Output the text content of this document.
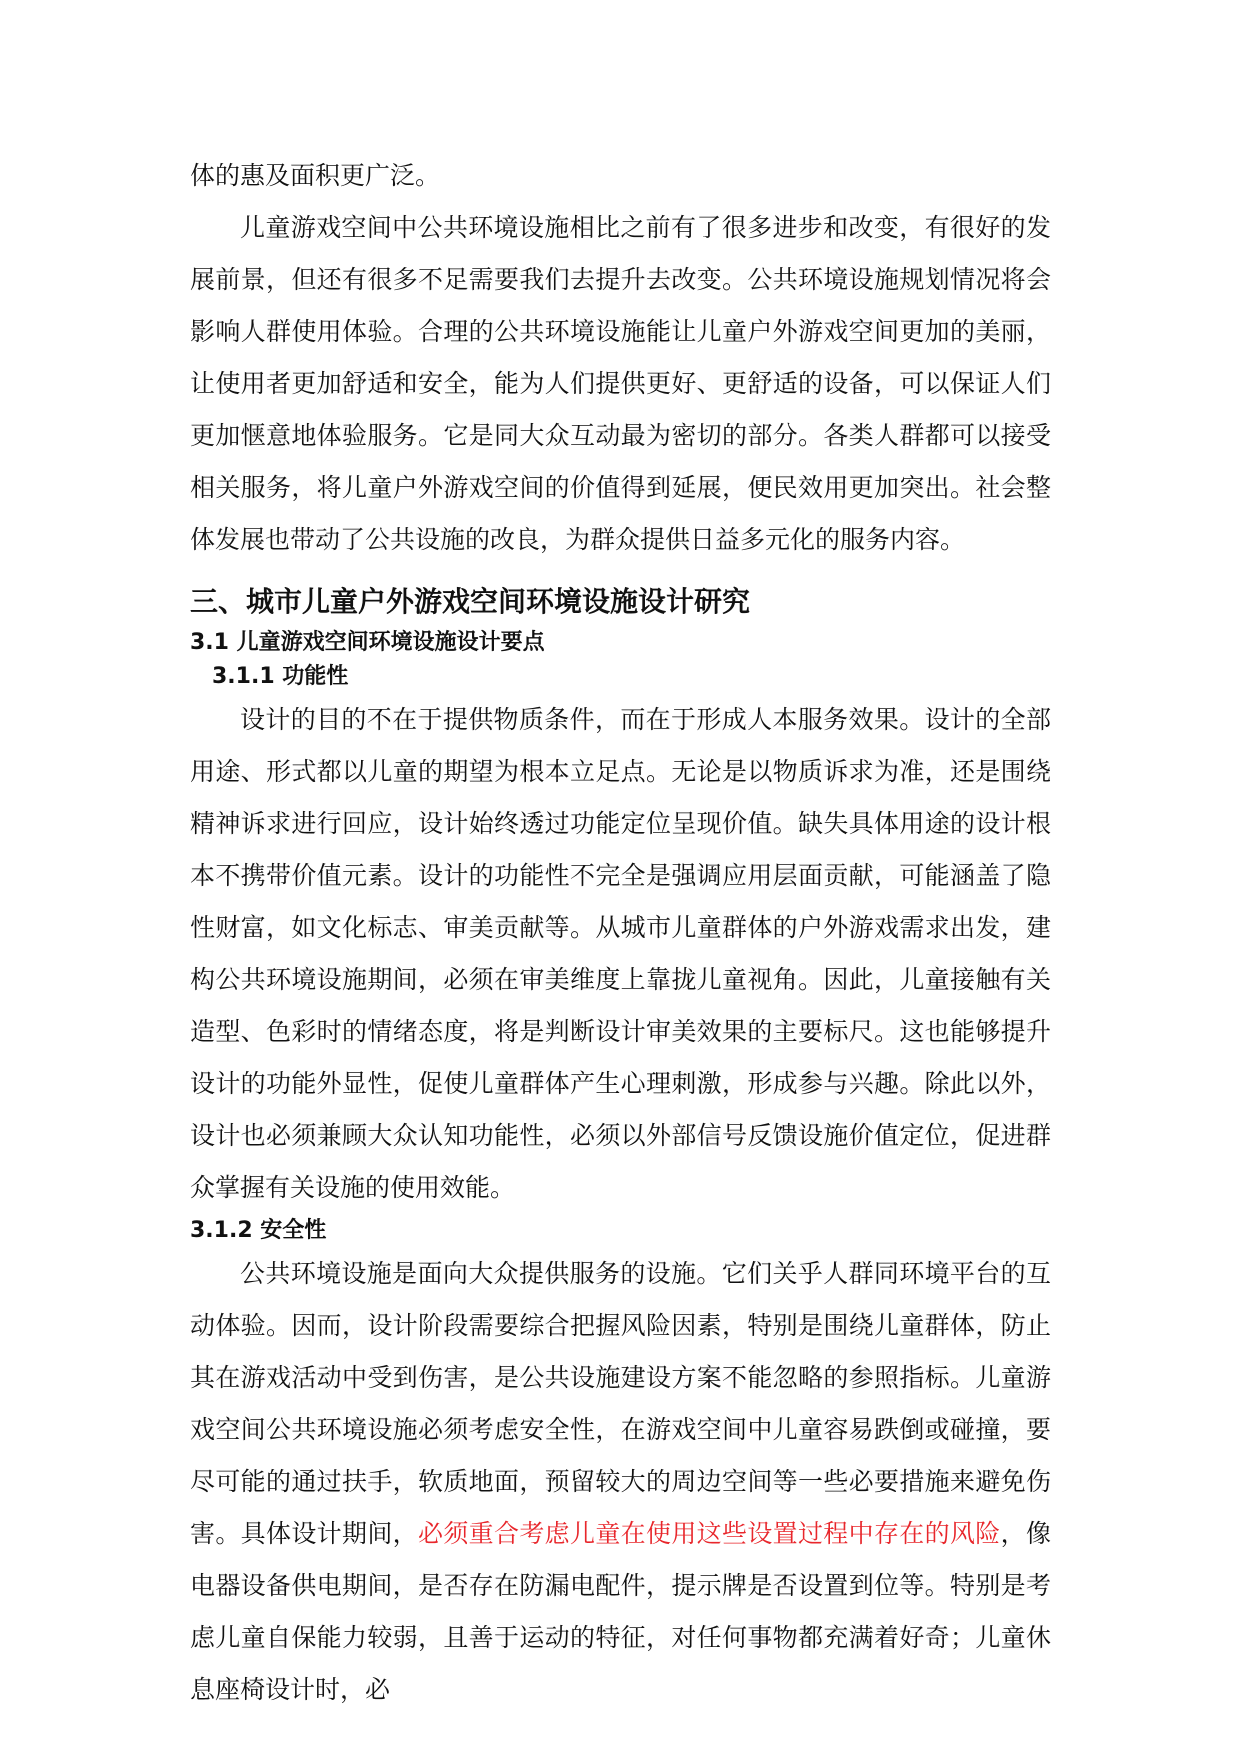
体的惠及面积更广泛。

儿童游戏空间中公共环境设施相比之前有了很多进步和改变，有很好的发展前景，但还有很多不足需要我们去提升去改变。公共环境设施规划情况将会影响人群使用体验。合理的公共环境设施能让儿童户外游戏空间更加的美丽，让使用者更加舒适和安全，能为人们提供更好、更舒适的设备，可以保证人们更加惬意地体验服务。它是同大众互动最为密切的部分。各类人群都可以接受相关服务，将儿童户外游戏空间的价值得到延展，便民效用更加突出。社会整体发展也带动了公共设施的改良，为群众提供日益多元化的服务内容。

三、城市儿童户外游戏空间环境设施设计研究
3.1 儿童游戏空间环境设施设计要点
3.1.1 功能性

设计的目的不在于提供物质条件，而在于形成人本服务效果。设计的全部用途、形式都以儿童的期望为根本立足点。无论是以物质诉求为准，还是围绕精神诉求进行回应，设计始终透过功能定位呈现价值。缺失具体用途的设计根本不携带价值元素。设计的功能性不完全是强调应用层面贡献，可能涵盖了隐性财富，如文化标志、审美贡献等。从城市儿童群体的户外游戏需求出发，建构公共环境设施期间，必须在审美维度上靠拢儿童视角。因此，儿童接触有关造型、色彩时的情绪态度，将是判断设计审美效果的主要标尺。这也能够提升设计的功能外显性，促使儿童群体产生心理刺激，形成参与兴趣。除此以外，设计也必须兼顾大众认知功能性，必须以外部信号反馈设施价值定位，促进群众掌握有关设施的使用效能。

3.1.2 安全性

公共环境设施是面向大众提供服务的设施。它们关乎人群同环境平台的互动体验。因而，设计阶段需要综合把握风险因素，特别是围绕儿童群体，防止其在游戏活动中受到伤害，是公共设施建设方案不能忽略的参照指标。儿童游戏空间公共环境设施必须考虑安全性，在游戏空间中儿童容易跌倒或碰撞，要尽可能的通过扶手，软质地面，预留较大的周边空间等一些必要措施来避免伤害。具体设计期间，必须重合考虑儿童在使用这些设置过程中存在的风险，像电器设备供电期间，是否存在防漏电配件，提示牌是否设置到位等。特别是考虑儿童自保能力较弱，且善于运动的特征，对任何事物都充满着好奇；儿童休息座椅设计时，必
